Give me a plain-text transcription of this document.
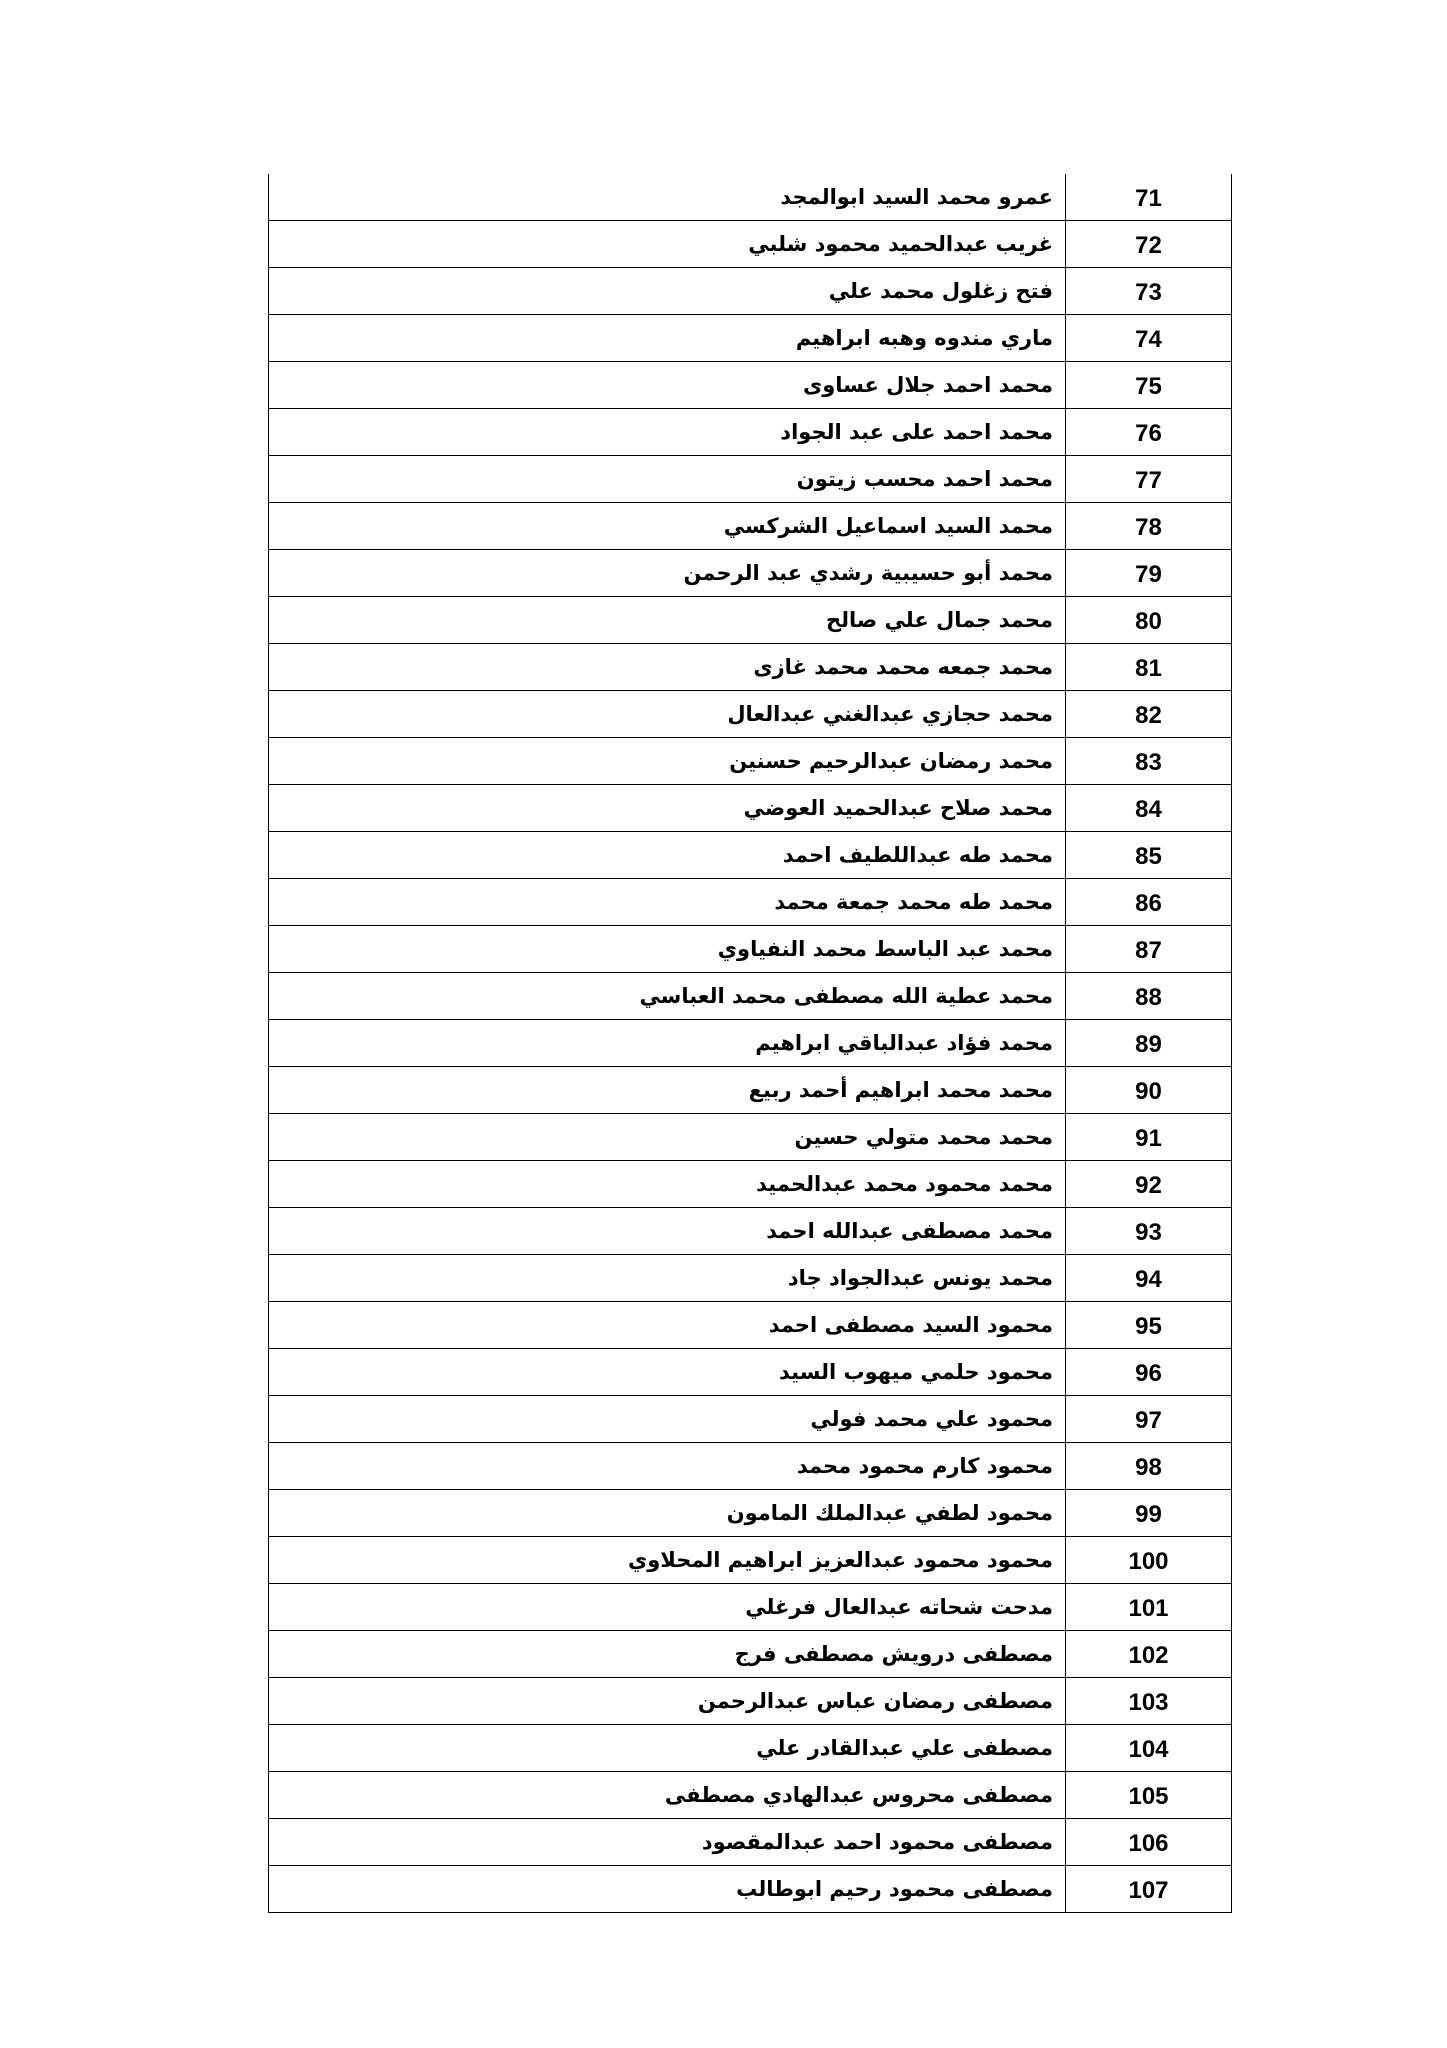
71	عمرو محمد السيد ابوالمجد
72	غريب عبدالحميد محمود شلبي
73	فتح زغلول محمد علي
74	ماري مندوه وهبه ابراهيم
75	محمد احمد جلال عساوى
76	محمد احمد على عبد الجواد
77	محمد احمد محسب زيتون
78	محمد السيد اسماعيل الشركسي
79	محمد أبو حسيبية رشدي عبد الرحمن
80	محمد جمال علي صالح
81	محمد جمعه محمد محمد غازى
82	محمد حجازي عبدالغني عبدالعال
83	محمد رمضان عبدالرحيم حسنين
84	محمد صلاح عبدالحميد العوضي
85	محمد طه عبداللطيف احمد
86	محمد طه محمد جمعة محمد
87	محمد عبد الباسط محمد النفياوي
88	محمد عطية الله مصطفى محمد العباسي
89	محمد فؤاد عبدالباقي ابراهيم
90	محمد محمد ابراهيم أحمد ربيع
91	محمد محمد متولي حسين
92	محمد محمود محمد عبدالحميد
93	محمد مصطفى عبدالله احمد
94	محمد يونس عبدالجواد جاد
95	محمود السيد مصطفى احمد
96	محمود حلمي ميهوب السيد
97	محمود علي محمد فولي
98	محمود كارم محمود محمد
99	محمود لطفي عبدالملك المامون
100	محمود محمود عبدالعزيز ابراهيم المحلاوي
101	مدحت شحاته عبدالعال فرغلي
102	مصطفى درويش مصطفى فرج
103	مصطفى رمضان عباس عبدالرحمن
104	مصطفى علي عبدالقادر علي
105	مصطفى محروس عبدالهادي مصطفى
106	مصطفى محمود احمد عبدالمقصود
107	مصطفى محمود رحيم ابوطالب
